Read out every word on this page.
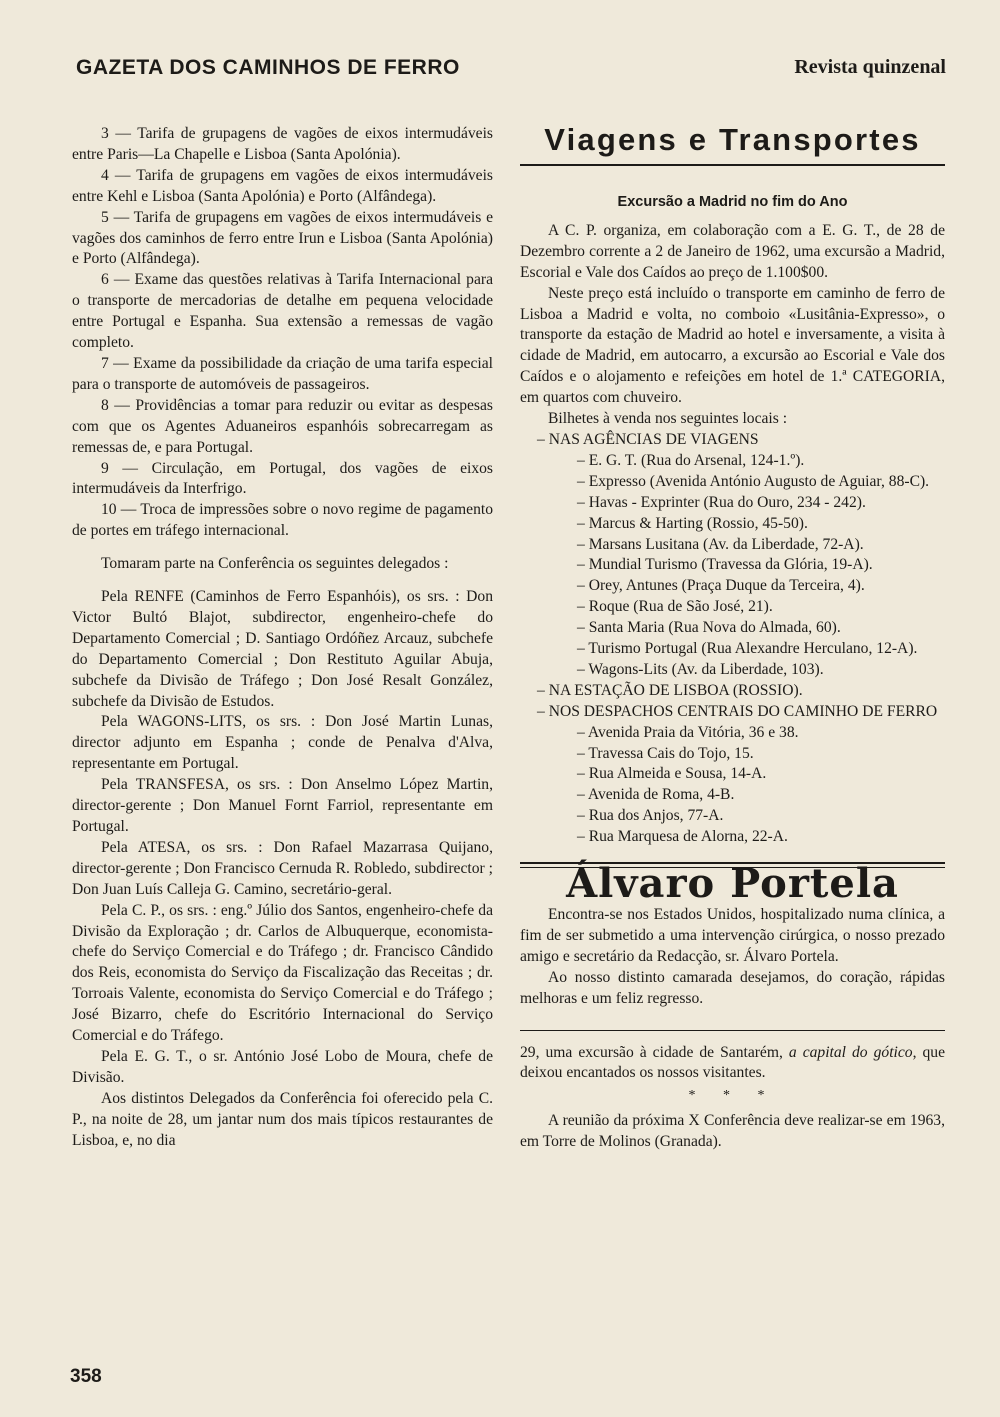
GAZETA DOS CAMINHOS DE FERRO	Revista quinzenal

3 — Tarifa de grupagens de vagões de eixos intermudáveis entre Paris—La Chapelle e Lisboa (Santa Apolónia).

4 — Tarifa de grupagens em vagões de eixos intermudáveis entre Kehl e Lisboa (Santa Apolónia) e Porto (Alfândega).

5 — Tarifa de grupagens em vagões de eixos intermudáveis e vagões dos caminhos de ferro entre Irun e Lisboa (Santa Apolónia) e Porto (Alfândega).

6 — Exame das questões relativas à Tarifa Internacional para o transporte de mercadorias de detalhe em pequena velocidade entre Portugal e Espanha. Sua extensão a remessas de vagão completo.

7 — Exame da possibilidade da criação de uma tarifa especial para o transporte de automóveis de passageiros.

8 — Providências a tomar para reduzir ou evitar as despesas com que os Agentes Aduaneiros espanhóis sobrecarregam as remessas de, e para Portugal.

9 — Circulação, em Portugal, dos vagões de eixos intermudáveis da Interfrigo.

10 — Troca de impressões sobre o novo regime de pagamento de portes em tráfego internacional.

Tomaram parte na Conferência os seguintes delegados :

Pela RENFE (Caminhos de Ferro Espanhóis), os srs. : Don Victor Bultó Blajot, subdirector, engenheiro-chefe do Departamento Comercial ; D. Santiago Ordóñez Arcauz, subchefe do Departamento Comercial ; Don Restituto Aguilar Abuja, subchefe da Divisão de Tráfego ; Don José Resalt González, subchefe da Divisão de Estudos.

Pela WAGONS-LITS, os srs. : Don José Martin Lunas, director adjunto em Espanha ; conde de Penalva d'Alva, representante em Portugal.

Pela TRANSFESA, os srs. : Don Anselmo López Martin, director-gerente ; Don Manuel Fornt Farriol, representante em Portugal.

Pela ATESA, os srs. : Don Rafael Mazarrasa Quijano, director-gerente ; Don Francisco Cernuda R. Robledo, subdirector ; Don Juan Luís Calleja G. Camino, secretário-geral.

Pela C. P., os srs. : eng.º Júlio dos Santos, engenheiro-chefe da Divisão da Exploração ; dr. Carlos de Albuquerque, economista-chefe do Serviço Comercial e do Tráfego ; dr. Francisco Cândido dos Reis, economista do Serviço da Fiscalização das Receitas ; dr. Torroais Valente, economista do Serviço Comercial e do Tráfego ; José Bizarro, chefe do Escritório Internacional do Serviço Comercial e do Tráfego.

Pela E. G. T., o sr. António José Lobo de Moura, chefe de Divisão.

Aos distintos Delegados da Conferência foi oferecido pela C. P., na noite de 28, um jantar num dos mais típicos restaurantes de Lisboa, e, no dia

Viagens e Transportes
Excursão a Madrid no fim do Ano

A C. P. organiza, em colaboração com a E. G. T., de 28 de Dezembro corrente a 2 de Janeiro de 1962, uma excursão a Madrid, Escorial e Vale dos Caídos ao preço de 1.100$00.

Neste preço está incluído o transporte em caminho de ferro de Lisboa a Madrid e volta, no comboio «Lusitânia-Expresso», o transporte da estação de Madrid ao hotel e inversamente, a visita à cidade de Madrid, em autocarro, a excursão ao Escorial e Vale dos Caídos e o alojamento e refeições em hotel de 1.ª CATEGORIA, em quartos com chuveiro.

Bilhetes à venda nos seguintes locais :

– NAS AGÊNCIAS DE VIAGENS
– E. G. T. (Rua do Arsenal, 124-1.º).
– Expresso (Avenida António Augusto de Aguiar, 88-C).
– Havas - Exprinter (Rua do Ouro, 234 - 242).
– Marcus & Harting (Rossio, 45-50).
– Marsans Lusitana (Av. da Liberdade, 72-A).
– Mundial Turismo (Travessa da Glória, 19-A).
– Orey, Antunes (Praça Duque da Terceira, 4).
– Roque (Rua de São José, 21).
– Santa Maria (Rua Nova do Almada, 60).
– Turismo Portugal (Rua Alexandre Herculano, 12-A).
– Wagons-Lits (Av. da Liberdade, 103).
– NA ESTAÇÃO DE LISBOA (ROSSIO).
– NOS DESPACHOS CENTRAIS DO CAMINHO DE FERRO
– Avenida Praia da Vitória, 36 e 38.
– Travessa Cais do Tojo, 15.
– Rua Almeida e Sousa, 14-A.
– Avenida de Roma, 4-B.
– Rua dos Anjos, 77-A.
– Rua Marquesa de Alorna, 22-A.
Álvaro Portela

Encontra-se nos Estados Unidos, hospitalizado numa clínica, a fim de ser submetido a uma intervenção cirúrgica, o nosso prezado amigo e secretário da Redacção, sr. Álvaro Portela.

Ao nosso distinto camarada desejamos, do coração, rápidas melhoras e um feliz regresso.

29, uma excursão à cidade de Santarém, a capital do gótico, que deixou encantados os nossos visitantes.

* * *

A reunião da próxima X Conferência deve realizar-se em 1963, em Torre de Molinos (Granada).

358
